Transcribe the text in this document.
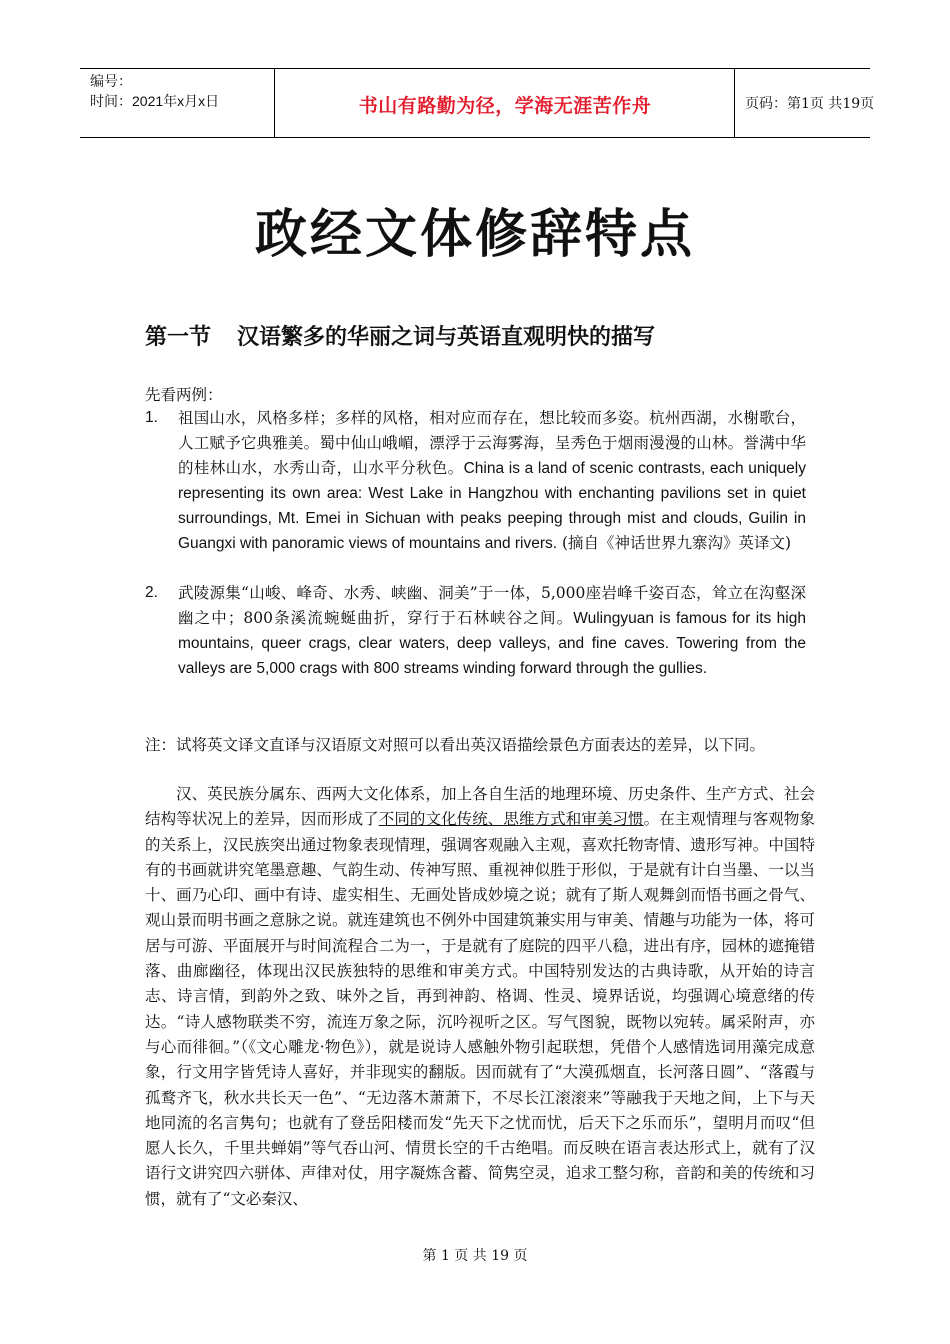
编号：
时间：2021年x月x日	书山有路勤为径，学海无涯苦作舟	页码：第1页 共19页
政经文体修辞特点
第一节 汉语繁多的华丽之词与英语直观明快的描写
先看两例：
1. 祖国山水，风格多样；多样的风格，相对应而存在，想比较而多姿。杭州西湖，水榭歌台，人工赋予它典雅美。蜀中仙山峨嵋，漂浮于云海雾海，呈秀色于烟雨漫漫的山林。誉满中华的桂林山水，水秀山奇，山水平分秋色。China is a land of scenic contrasts, each uniquely representing its own area: West Lake in Hangzhou with enchanting pavilions set in quiet surroundings, Mt. Emei in Sichuan with peaks peeping through mist and clouds, Guilin in Guangxi with panoramic views of mountains and rivers. (摘自《神话世界九寨沟》英译文)
2. 武陵源集“山峻、峰奇、水秀、峡幽、洞美”于一体，5,000座岩峰千姿百态，耸立在沟壑深幽之中；800条溪流蜿蜒曲折，穿行于石林峡谷之间。Wulingyuan is famous for its high mountains, queer crags, clear waters, deep valleys, and fine caves. Towering from the valleys are 5,000 crags with 800 streams winding forward through the gullies.
注：试将英文译文直译与汉语原文对照可以看出英汉语描绘景色方面表达的差异，以下同。
汉、英民族分属东、西两大文化体系，加上各自生活的地理环境、历史条件、生产方式、社会结构等状况上的差异，因而形成了不同的文化传统、思维方式和审美习惯。在主观情理与客观物象的关系上，汉民族突出通过物象表现情理，强调客观融入主观，喜欢托物寄情、遗形写神。中国特有的书画就讲究笔墨意趣、气韵生动、传神写照、重视神似胜于形似，于是就有计白当墨、一以当十、画乃心印、画中有诗、虚实相生、无画处皆成妙境之说；就有了斯人观舞剑而悟书画之骨气、观山景而明书画之意脉之说。就连建筑也不例外中国建筑兼实用与审美、情趣与功能为一体，将可居与可游、平面展开与时间流程合二为一，于是就有了庭院的四平八稳，进出有序，园林的遮掩错落、曲廊幽径，体现出汉民族独特的思维和审美方式。中国特别发达的古典诗歌，从开始的诗言志、诗言情，到韵外之致、味外之旨，再到神韵、格调、性灵、境界话说，均强调心境意绪的传达。“诗人感物联类不穷，流连万象之际，沉吟视听之区。写气图貌，既物以宛转。属采附声，亦与心而徘徊。”（《文心雕龙·物色》），就是说诗人感触外物引起联想，凭借个人感情选词用藻完成意象，行文用字皆凭诗人喜好，并非现实的翻版。因而就有了“大漠孤烟直，长河落日圆”、“落霞与孤鹜齐飞，秋水共长天一色”、“无边落木萧萧下，不尽长江滚滚来”等融我于天地之间，上下与天地同流的名言隽句；也就有了登岳阳楼而发“先天下之忧而忧，后天下之乐而乐”，望明月而叹“但愿人长久，千里共蝉娟”等气吞山河、情贯长空的千古绝唱。而反映在语言表达形式上，就有了汉语行文讲究四六骈体、声律对仗，用字凝炼含蓄、简隽空灵，追求工整匀称，音韵和美的传统和习惯，就有了“文必秦汉、
第 1 页 共 19 页
